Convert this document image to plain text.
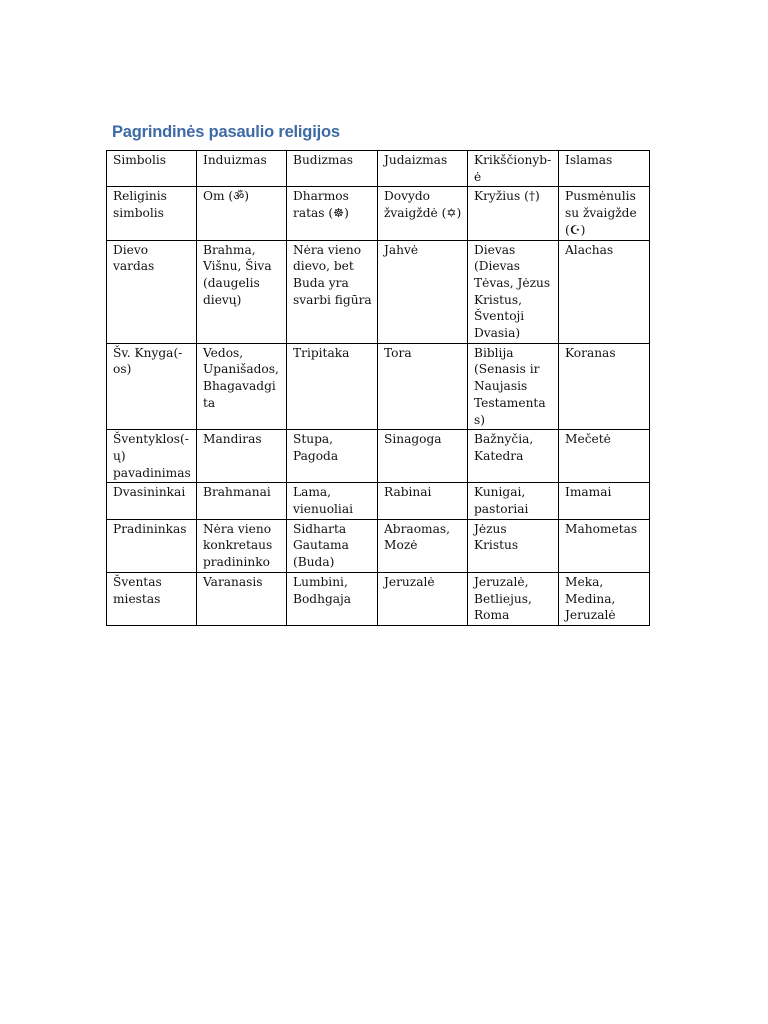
Pagrindinės pasaulio religijos
Simbolis	Induizmas	Budizmas	Judaizmas	Krikščionybė	Islamas
Religinis simbolis	Om (ॐ)	Dharmos ratas (☸)	Dovydo žvaigždė (✡)	Kryžius (†)	Pusmėnulis su žvaigžde (☪)
Dievo vardas	Brahma, Višnu, Šiva (daugelis dievų)	Nėra vieno dievo, bet Buda yra svarbi figūra	Jahvė	Dievas (Dievas Tėvas, Jėzus Kristus, Šventoji Dvasia)	Alachas
Šv. Knyga(-os)	Vedos, Upanišados, Bhagavadgita	Tripitaka	Tora	Biblija (Senasis ir Naujasis Testamentas)	Koranas
Šventyklos(-ų) pavadinimas	Mandiras	Stupa, Pagoda	Sinagoga	Bažnyčia, Katedra	Mečetė
Dvasininkai	Brahmanai	Lama, vienuoliai	Rabinai	Kunigai, pastoriai	Imamai
Pradininkas	Nėra vieno konkretaus pradininko	Sidharta Gautama (Buda)	Abraomas, Mozė	Jėzus Kristus	Mahometas
Šventas miestas	Varanasis	Lumbini, Bodhgaja	Jeruzalė	Jeruzalė, Betliejus, Roma	Meka, Medina, Jeruzalė
